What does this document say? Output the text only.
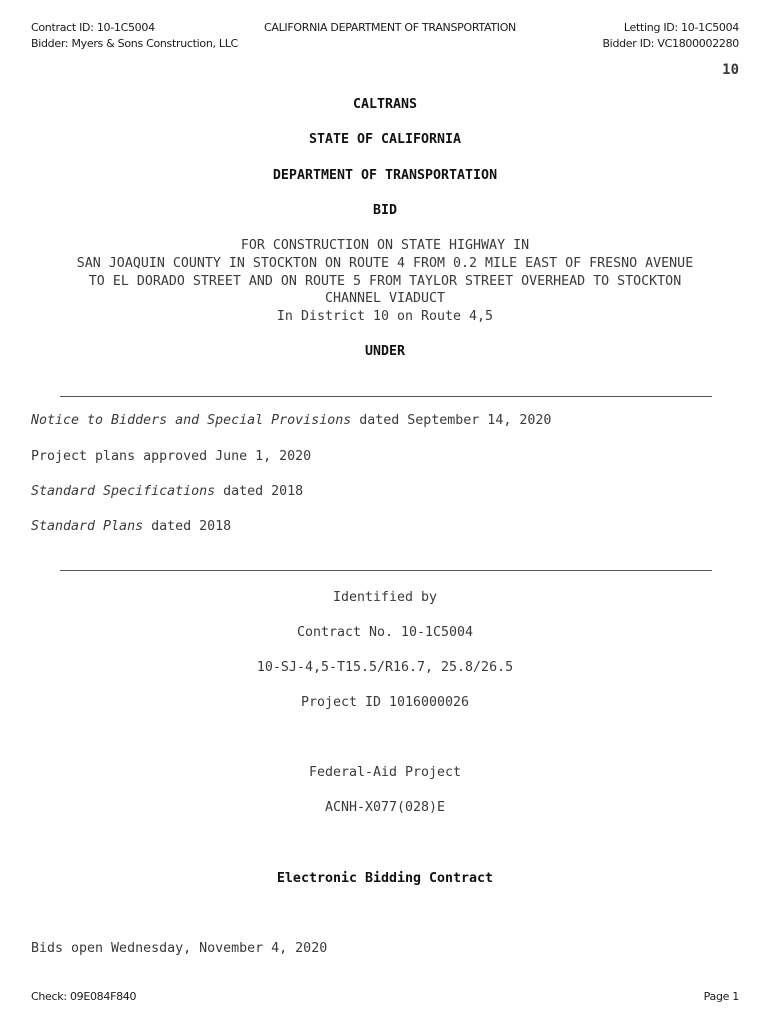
Contract ID: 10-1C5004
Bidder: Myers & Sons Construction, LLC
CALIFORNIA DEPARTMENT OF TRANSPORTATION	Letting ID: 10-1C5004
Bidder ID: VC1800002280
10
CALTRANS
STATE OF CALIFORNIA
DEPARTMENT OF TRANSPORTATION
BID
FOR CONSTRUCTION ON STATE HIGHWAY IN
SAN JOAQUIN COUNTY IN STOCKTON ON ROUTE 4 FROM 0.2 MILE EAST OF FRESNO AVENUE
TO EL DORADO STREET AND ON ROUTE 5 FROM TAYLOR STREET OVERHEAD TO STOCKTON
CHANNEL VIADUCT
In District 10 on Route 4,5
UNDER
Notice to Bidders and Special Provisions dated September 14, 2020
Project plans approved June 1, 2020
Standard Specifications dated 2018
Standard Plans dated 2018
Identified by
Contract No. 10-1C5004
10-SJ-4,5-T15.5/R16.7, 25.8/26.5
Project ID 1016000026
Federal-Aid Project
ACNH-X077(028)E
Electronic Bidding Contract
Bids open Wednesday, November 4, 2020
Check: 09E084F840	Page 1
